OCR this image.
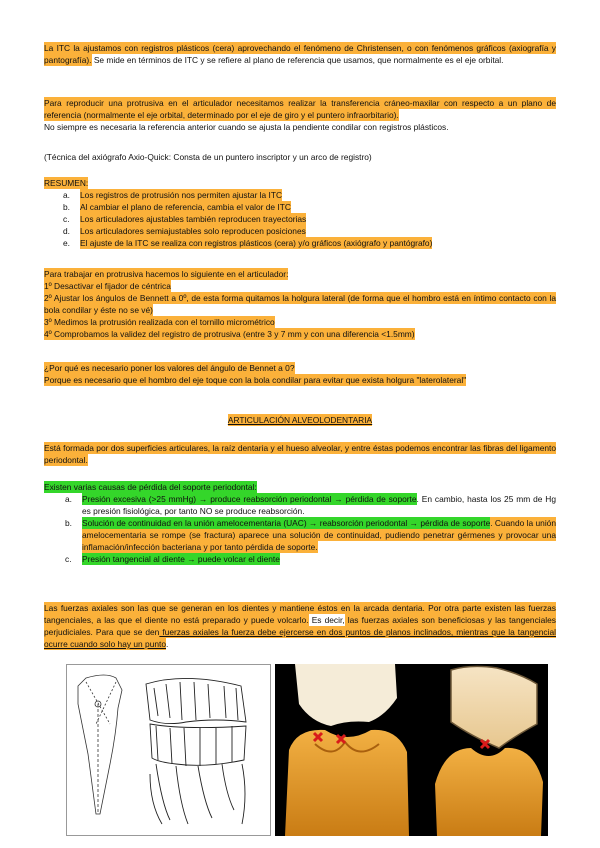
La ITC la ajustamos con registros plásticos (cera) aprovechando el fenómeno de Christensen, o con fenómenos gráficos (axiografía y pantografía). Se mide en términos de ITC y se refiere al plano de referencia que usamos, que normalmente es el eje orbital.

Para reproducir una protrusiva en el articulador necesitamos realizar la transferencia cráneo-maxilar con respecto a un plano de referencia (normalmente el eje orbital, determinado por el eje de giro y el puntero infraorbitario).

No siempre es necesaria la referencia anterior cuando se ajusta la pendiente condilar con registros plásticos.

(Técnica del axiógrafo Axio-Quick: Consta de un puntero inscriptor y un arco de registro)

RESUMEN:

a. Los registros de protrusión nos permiten ajustar la ITC
b. Al cambiar el plano de referencia, cambia el valor de ITC
c. Los articuladores ajustables también reproducen trayectorias
d. Los articuladores semiajustables solo reproducen posiciones
e. El ajuste de la ITC se realiza con registros plásticos (cera) y/o gráficos (axiógrafo y pantógrafo)

Para trabajar en protrusiva hacemos lo siguiente en el articulador:

1º Desactivar el fijador de céntrica

2º Ajustar los ángulos de Bennett a 0º, de esta forma quitamos la holgura lateral (de forma que el hombro está en íntimo contacto con la bola condilar y éste no se vé)

3º Medimos la protrusión realizada con el tornillo micrométrico

4º Comprobamos la validez del registro de protrusiva (entre 3 y 7 mm y con una diferencia <1.5mm)

¿Por qué es necesario poner los valores del ángulo de Bennet a 0?

Porque es necesario que el hombro del eje toque con la bola condilar para evitar que exista holgura "laterolateral"

ARTICULACIÓN ALVEOLODENTARIA

Está formada por dos superficies articulares, la raíz dentaria y el hueso alveolar, y entre éstas podemos encontrar las fibras del ligamento periodontal.

Existen varias causas de pérdida del soporte periodontal:

a. Presión excesiva (>25 mmHg) → produce reabsorción periodontal → pérdida de soporte. En cambio, hasta los 25 mm de Hg es presión fisiológica, por tanto NO se produce reabsorción.
b. Solución de continuidad en la unión amelocementaria (UAC) → reabsorción periodontal → pérdida de soporte. Cuando la unión amelocementaria se rompe (se fractura) aparece una solución de continuidad, pudiendo penetrar gérmenes y provocar una inflamación/infección bacteriana y por tanto pérdida de soporte.
c. Presión tangencial al diente → puede volcar el diente

Las fuerzas axiales son las que se generan en los dientes y mantiene éstos en la arcada dentaria. Por otra parte existen las fuerzas tangenciales, a las que el diente no está preparado y puede volcarlo. Es decir, las fuerzas axiales son beneficiosas y las tangenciales perjudiciales. Para que se den fuerzas axiales la fuerza debe ejercerse en dos puntos de planos inclinados, mientras que la tangencial ocurre cuando solo hay un punto.
